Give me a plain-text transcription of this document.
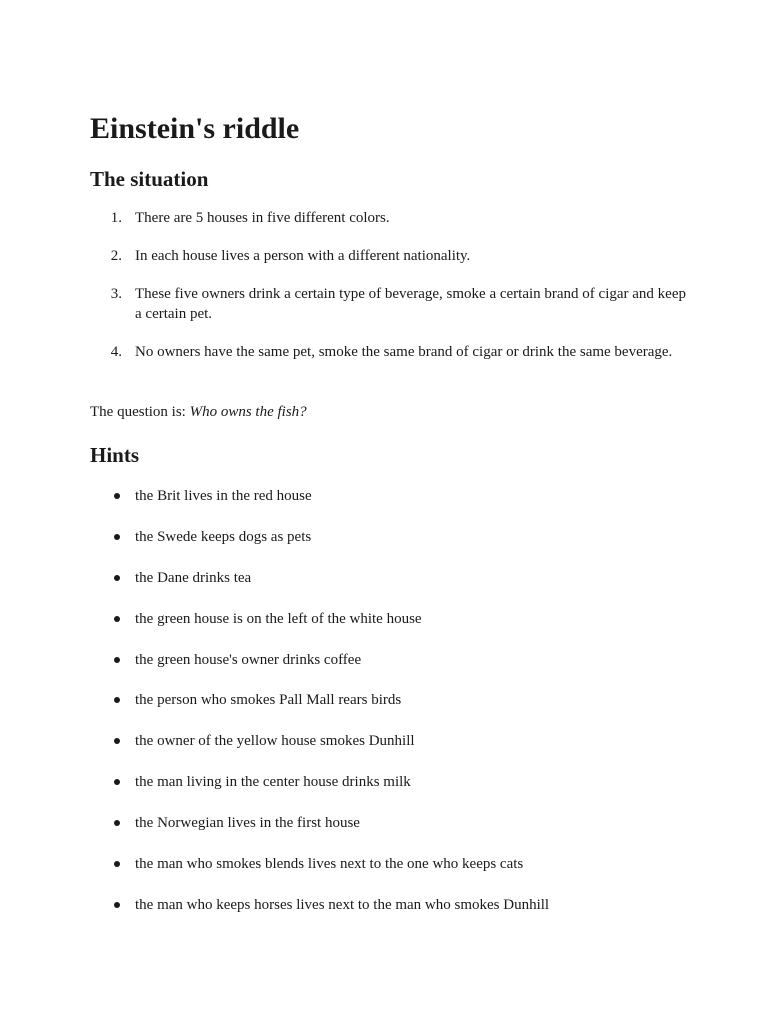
Einstein's riddle
The situation
1. There are 5 houses in five different colors.
2. In each house lives a person with a different nationality.
3. These five owners drink a certain type of beverage, smoke a certain brand of cigar and keep a certain pet.
4. No owners have the same pet, smoke the same brand of cigar or drink the same beverage.

The question is: Who owns the fish?

Hints
the Brit lives in the red house
the Swede keeps dogs as pets
the Dane drinks tea
the green house is on the left of the white house
the green house's owner drinks coffee
the person who smokes Pall Mall rears birds
the owner of the yellow house smokes Dunhill
the man living in the center house drinks milk
the Norwegian lives in the first house
the man who smokes blends lives next to the one who keeps cats
the man who keeps horses lives next to the man who smokes Dunhill
